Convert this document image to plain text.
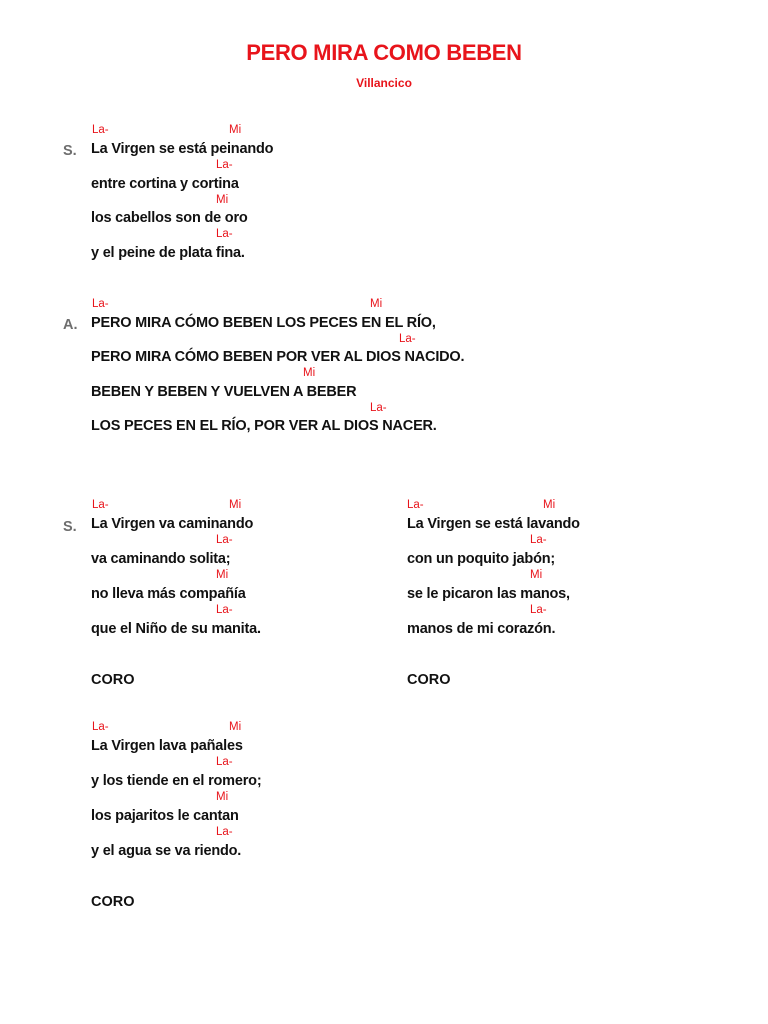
PERO MIRA COMO BEBEN
Villancico
La-	Mi
S. La Virgen se está peinando
La-
entre cortina y cortina
Mi
los cabellos son de oro
La-
y el peine de plata fina.
La-	Mi
A. PERO MIRA CÓMO BEBEN LOS PECES EN EL RÍO,
La-
PERO MIRA CÓMO BEBEN POR VER AL DIOS NACIDO.
Mi
BEBEN Y BEBEN Y VUELVEN A BEBER
La-
LOS PECES EN EL RÍO, POR VER AL DIOS NACER.
La-	Mi
S. La Virgen va caminando
La-
va caminando solita;
Mi
no lleva más compañía
La-
que el Niño de su manita.
CORO
La-	Mi
La Virgen se está lavando
La-
con un poquito jabón;
Mi
se le picaron las manos,
La-
manos de mi corazón.
CORO
La-	Mi
La Virgen lava pañales
La-
y los tiende en el romero;
Mi
los pajaritos le cantan
La-
y el agua se va riendo.
CORO
